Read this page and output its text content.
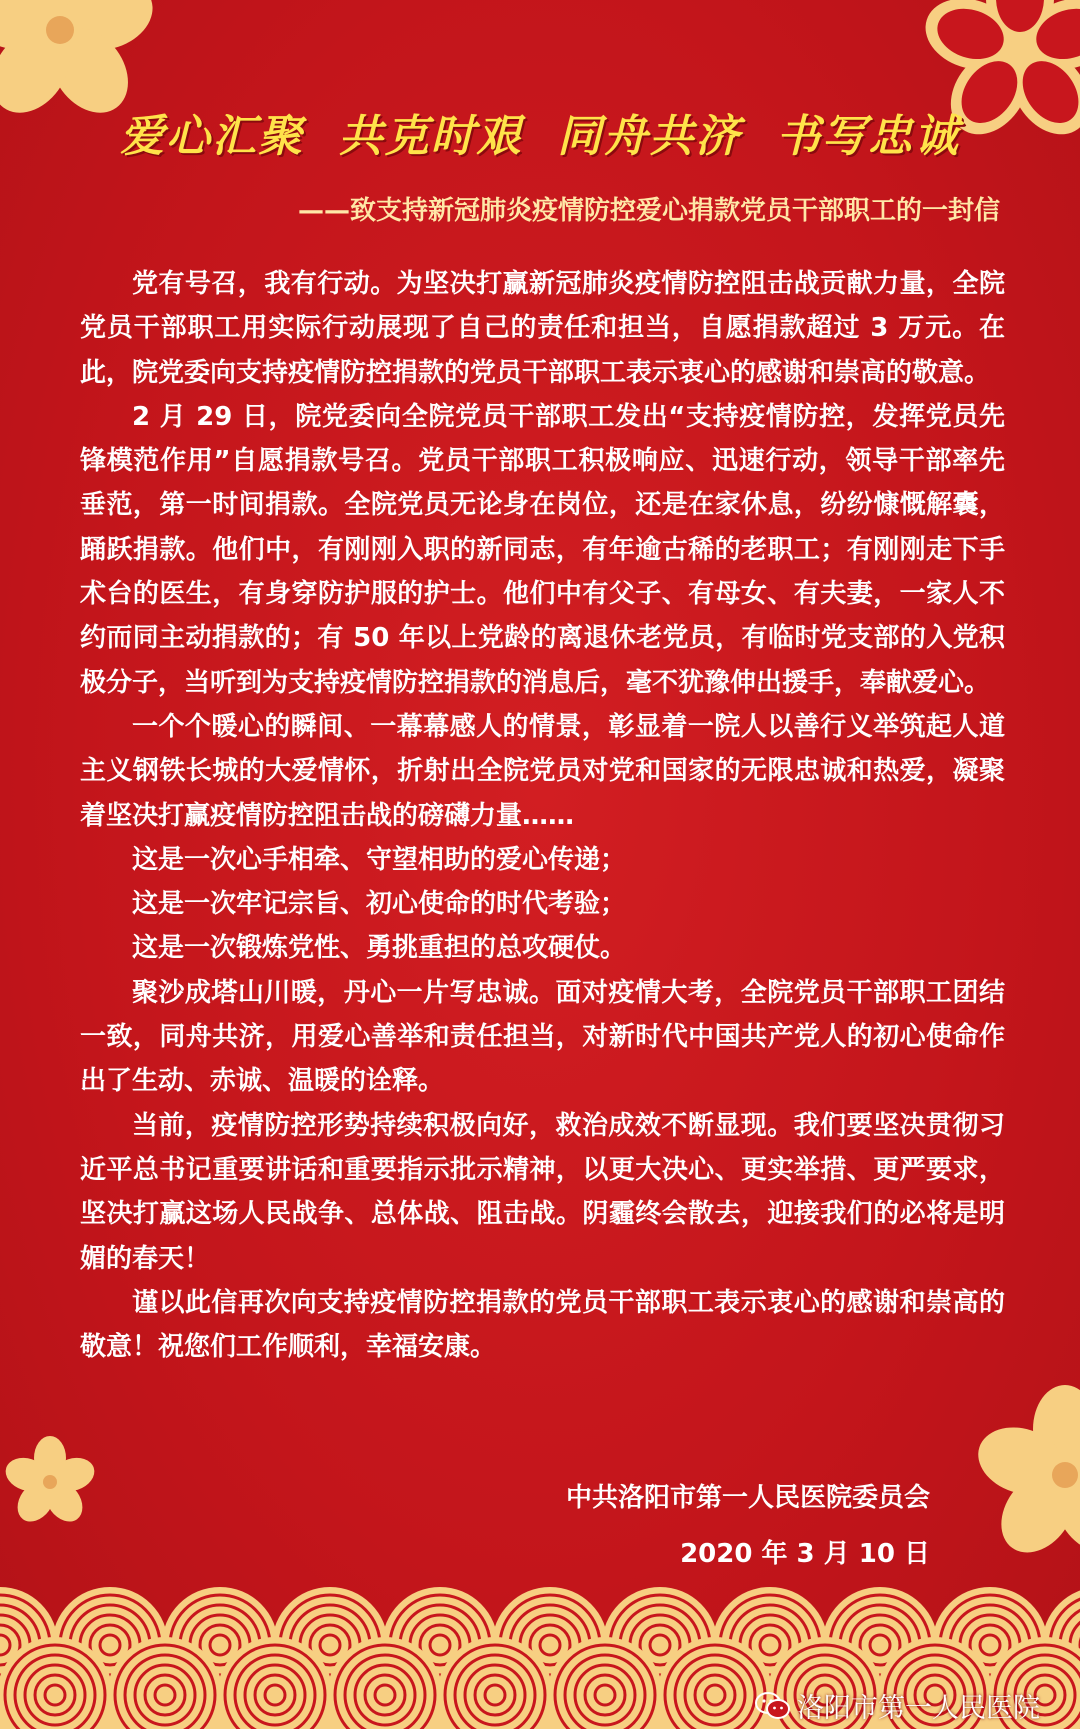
爱心汇聚  共克时艰  同舟共济  书写忠诚
——致支持新冠肺炎疫情防控爱心捐款党员干部职工的一封信

党有号召，我有行动。为坚决打赢新冠肺炎疫情防控阻击战贡献力量，全院党员干部职工用实际行动展现了自己的责任和担当，自愿捐款超过 3 万元。在此，院党委向支持疫情防控捐款的党员干部职工表示衷心的感谢和崇高的敬意。

2 月 29 日，院党委向全院党员干部职工发出“支持疫情防控，发挥党员先锋模范作用”自愿捐款号召。党员干部职工积极响应、迅速行动，领导干部率先垂范，第一时间捐款。全院党员无论身在岗位，还是在家休息，纷纷慷慨解囊，踊跃捐款。他们中，有刚刚入职的新同志，有年逾古稀的老职工；有刚刚走下手术台的医生，有身穿防护服的护士。他们中有父子、有母女、有夫妻，一家人不约而同主动捐款的；有 50 年以上党龄的离退休老党员，有临时党支部的入党积极分子，当听到为支持疫情防控捐款的消息后，毫不犹豫伸出援手，奉献爱心。

一个个暖心的瞬间、一幕幕感人的情景，彰显着一院人以善行义举筑起人道主义钢铁长城的大爱情怀，折射出全院党员对党和国家的无限忠诚和热爱，凝聚着坚决打赢疫情防控阻击战的磅礴力量……

这是一次心手相牵、守望相助的爱心传递；

这是一次牢记宗旨、初心使命的时代考验；

这是一次锻炼党性、勇挑重担的总攻硬仗。

聚沙成塔山川暖，丹心一片写忠诚。面对疫情大考，全院党员干部职工团结一致，同舟共济，用爱心善举和责任担当，对新时代中国共产党人的初心使命作出了生动、赤诚、温暖的诠释。

当前，疫情防控形势持续积极向好，救治成效不断显现。我们要坚决贯彻习近平总书记重要讲话和重要指示批示精神，以更大决心、更实举措、更严要求，坚决打赢这场人民战争、总体战、阻击战。阴霾终会散去，迎接我们的必将是明媚的春天！

谨以此信再次向支持疫情防控捐款的党员干部职工表示衷心的感谢和崇高的敬意！祝您们工作顺利，幸福安康。

中共洛阳市第一人民医院委员会
2020 年 3 月 10 日
洛阳市第一人民医院
